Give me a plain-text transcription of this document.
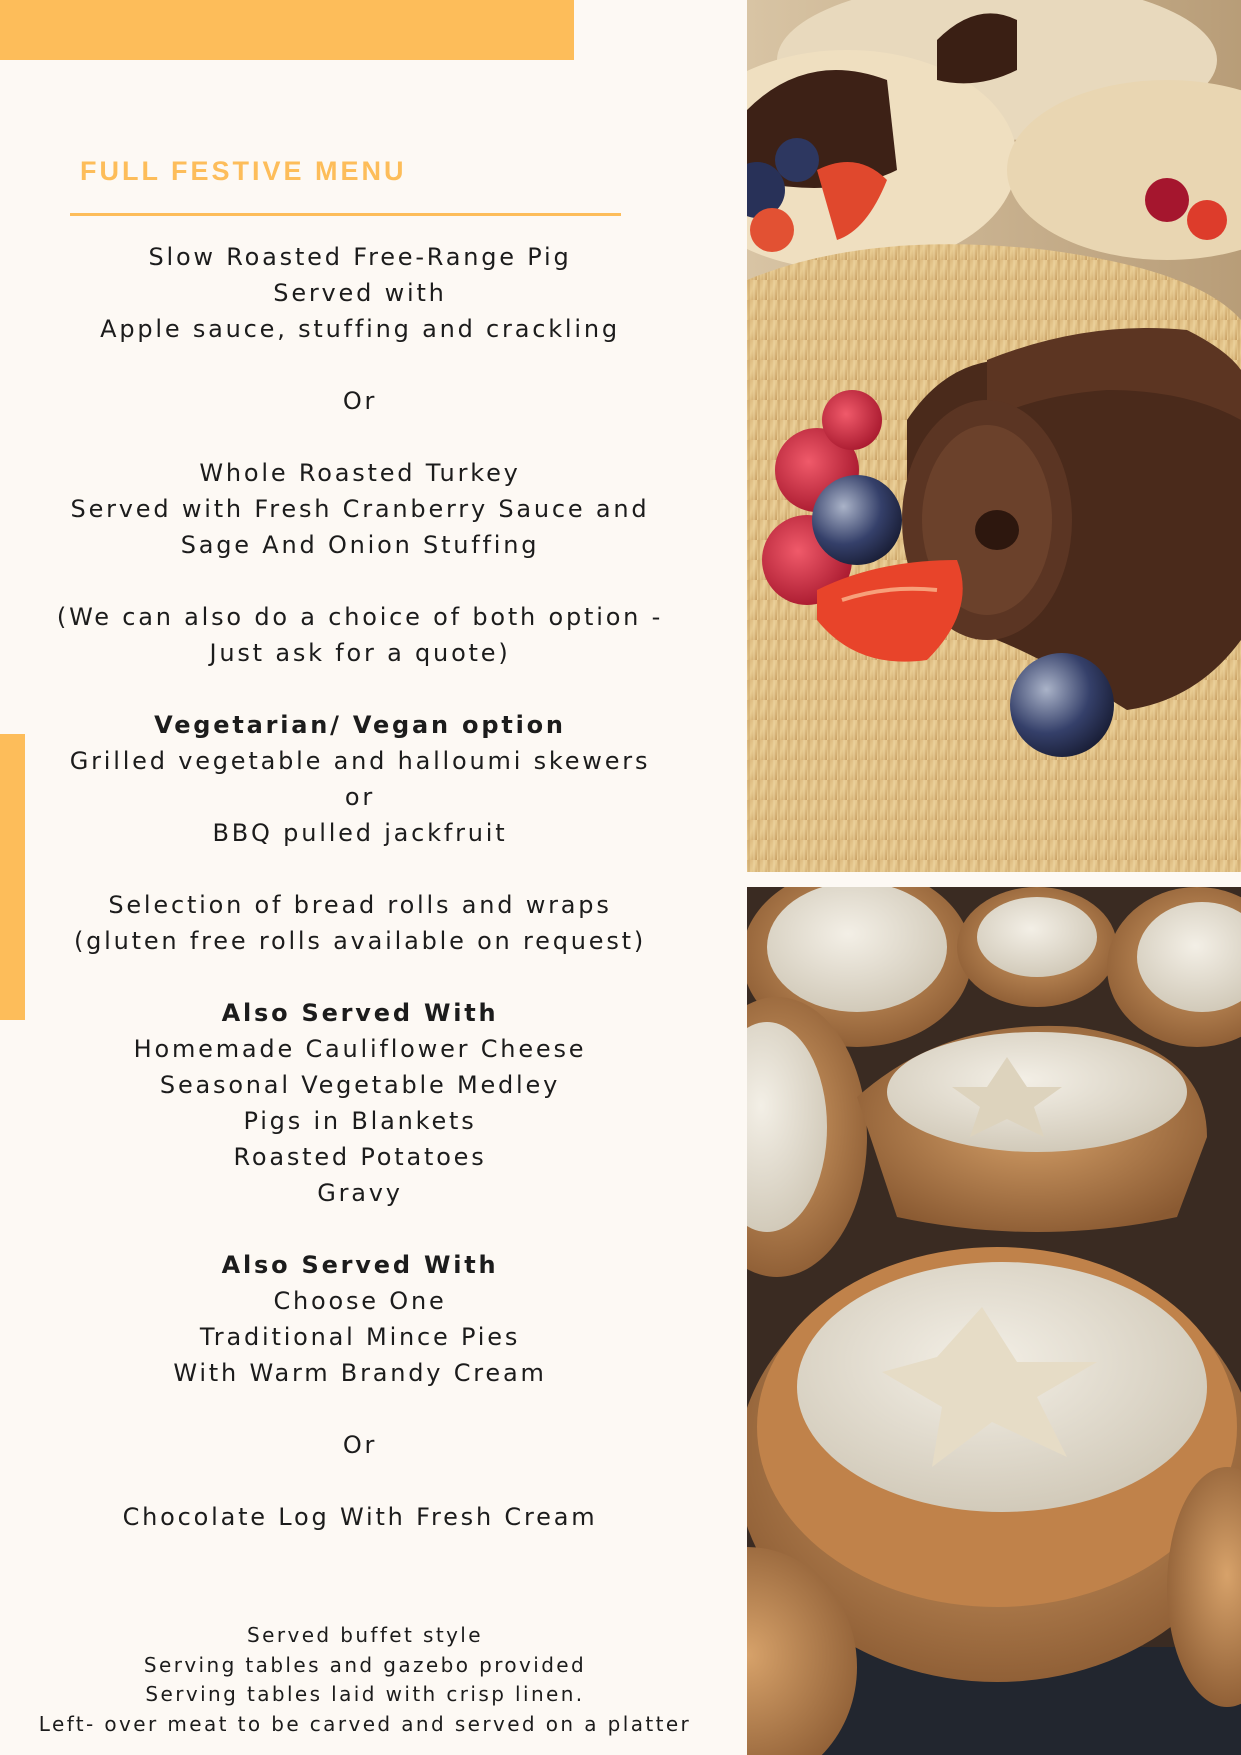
FULL FESTIVE MENU
Slow Roasted Free-Range Pig
Served with
Apple sauce, stuffing and crackling
Or
Whole Roasted Turkey
Served with Fresh Cranberry Sauce and
Sage And Onion Stuffing
(We can also do a choice of both option -
Just ask for a quote)
Vegetarian/ Vegan option
Grilled vegetable and halloumi skewers
or
BBQ pulled jackfruit
Selection of bread rolls and wraps
(gluten free rolls available on request)
Also Served With
Homemade Cauliflower Cheese
Seasonal Vegetable Medley
Pigs in Blankets
Roasted Potatoes
Gravy
Also Served With
Choose One
Traditional Mince Pies
With Warm Brandy Cream
Or
Chocolate Log With Fresh Cream
Served buffet style
Serving tables and gazebo provided
Serving tables laid with crisp linen.
Left- over meat to be carved and served on a platter
